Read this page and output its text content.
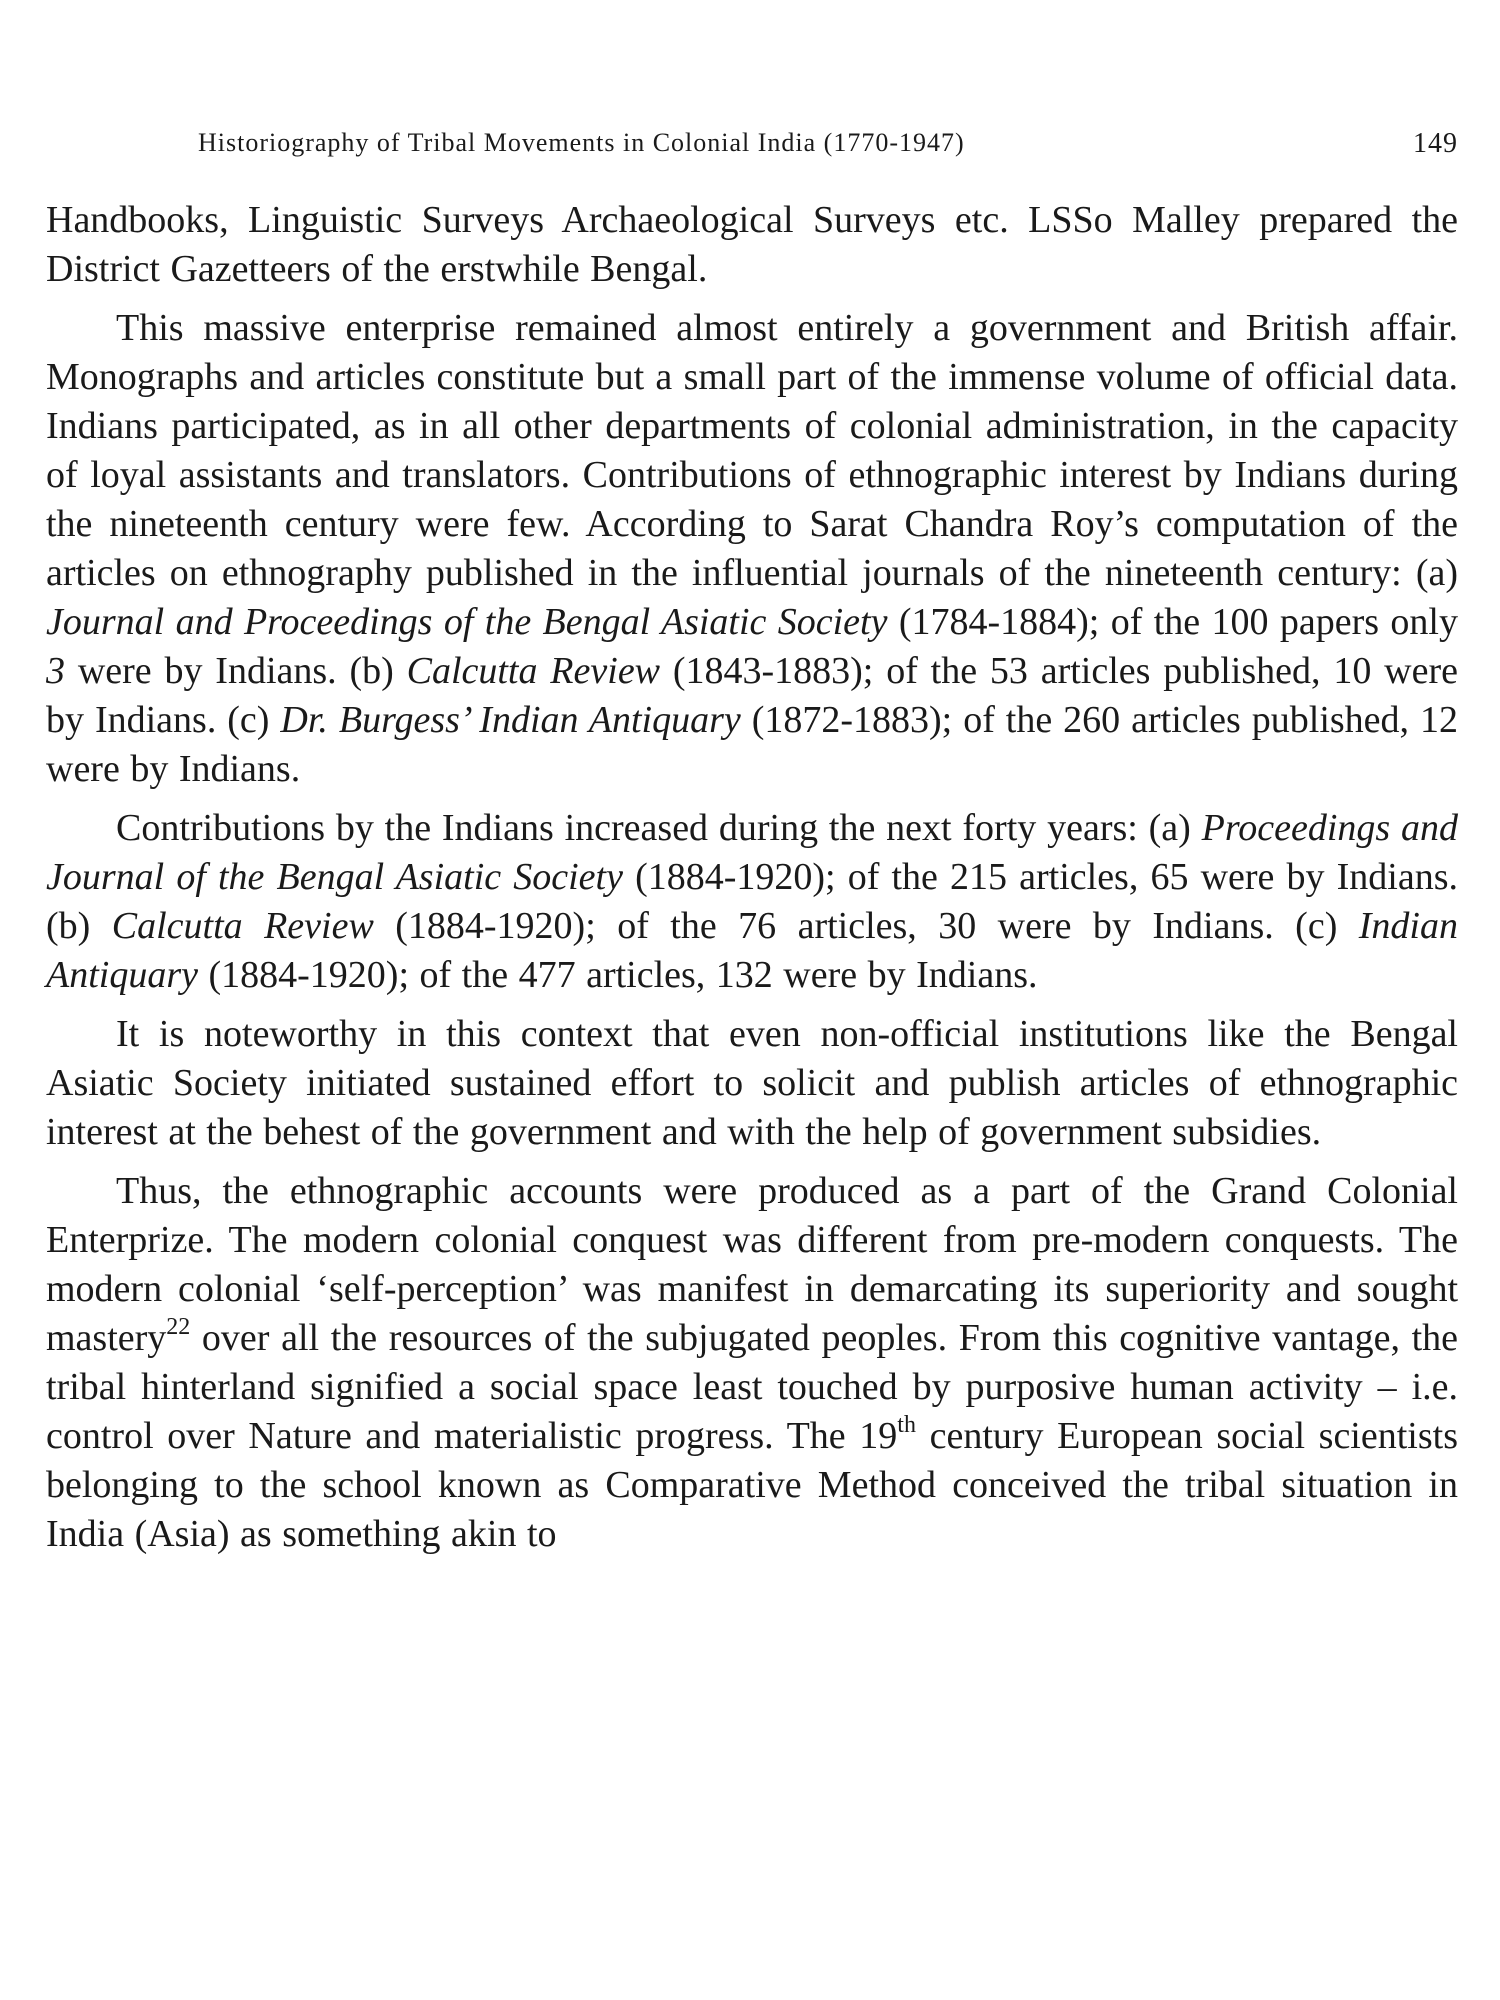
Historiography of Tribal Movements in Colonial India (1770-1947)	149

Handbooks, Linguistic Surveys Archaeological Surveys etc. LSSo Malley prepared the District Gazetteers of the erstwhile Bengal.

This massive enterprise remained almost entirely a government and British affair. Monographs and articles constitute but a small part of the immense volume of official data. Indians participated, as in all other departments of colonial administration, in the capacity of loyal assistants and translators. Contributions of ethnographic interest by Indians during the nineteenth century were few. According to Sarat Chandra Roy’s computation of the articles on ethnography published in the influential journals of the nineteenth century: (a) Journal and Proceedings of the Bengal Asiatic Society (1784-1884); of the 100 papers only 3 were by Indians. (b) Calcutta Review (1843-1883); of the 53 articles published, 10 were by Indians. (c) Dr. Burgess’ Indian Antiquary (1872-1883); of the 260 articles published, 12 were by Indians.

Contributions by the Indians increased during the next forty years: (a) Proceedings and Journal of the Bengal Asiatic Society (1884-1920); of the 215 articles, 65 were by Indians. (b) Calcutta Review (1884-1920); of the 76 articles, 30 were by Indians. (c) Indian Antiquary (1884-1920); of the 477 articles, 132 were by Indians.

It is noteworthy in this context that even non-official institutions like the Bengal Asiatic Society initiated sustained effort to solicit and publish articles of ethnographic interest at the behest of the government and with the help of government subsidies.

Thus, the ethnographic accounts were produced as a part of the Grand Colonial Enterprize. The modern colonial conquest was different from pre-modern conquests. The modern colonial ‘self-perception’ was manifest in demarcating its superiority and sought mastery$^{22}$ over all the resources of the subjugated peoples. From this cognitive vantage, the tribal hinterland signified a social space least touched by purposive human activity – i.e. control over Nature and materialistic progress. The 19th century European social scientists belonging to the school known as Comparative Method conceived the tribal situation in India (Asia) as something akin to
